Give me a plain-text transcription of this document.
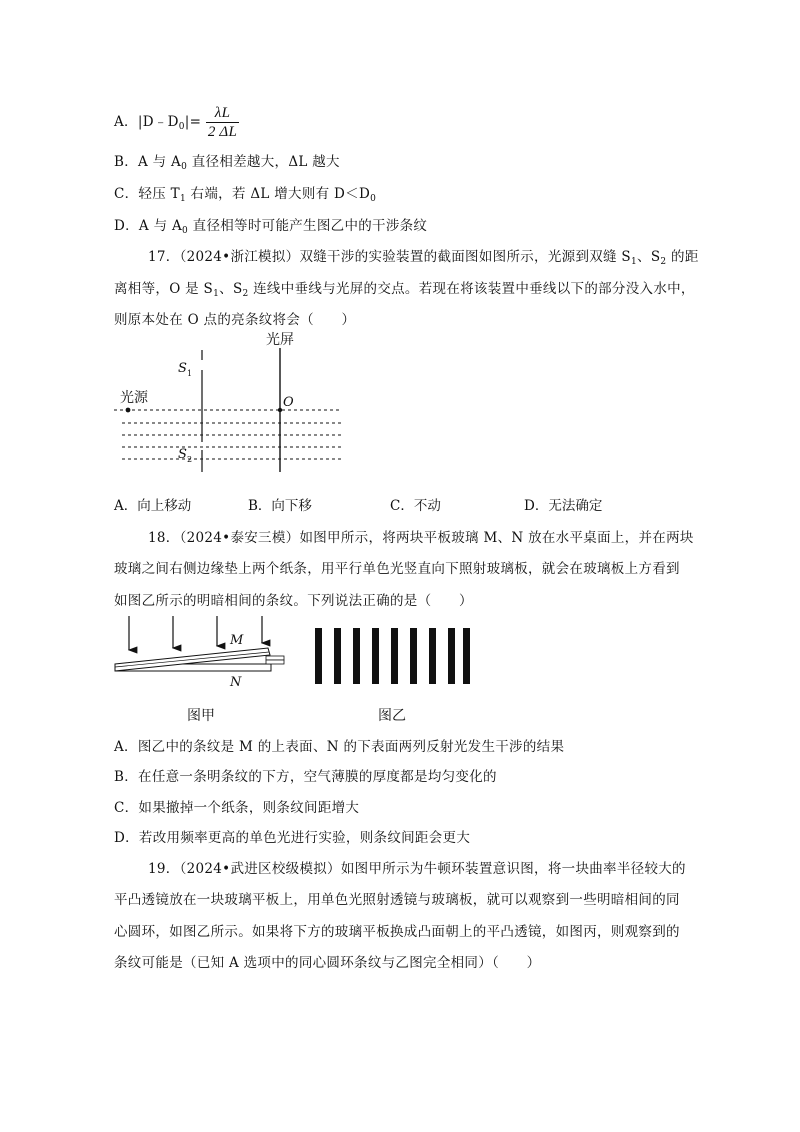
A．$|D﹣D_0|= \frac{\lambda L}{2 \Delta L}$
B．A 与 $A_0$ 直径相差越大，ΔL 越大
C．轻压 $T_1$ 右端，若 ΔL 增大则有 $D<D_0$
D．A 与 $A_0$ 直径相等时可能产生图乙中的干涉条纹
17．（2024•浙江模拟）双缝干涉的实验装置的截面图如图所示，光源到双缝 $S_1$、$S_2$ 的距
离相等，O 是 $S_1$、$S_2$ 连线中垂线与光屏的交点。若现在将该装置中垂线以下的部分没入水中，
则原本处在 O 点的亮条纹将会（　　）
光屏
光源
S 1
S 2
O
A．向上移动	B．向下移	C．不动	D．无法确定
18．（2024•泰安三模）如图甲所示，将两块平板玻璃 M、N 放在水平桌面上，并在两块
玻璃之间右侧边缘垫上两个纸条，用平行单色光竖直向下照射玻璃板，就会在玻璃板上方看到
如图乙所示的明暗相间的条纹。下列说法正确的是（　　）
M
N
图甲	图乙
A．图乙中的条纹是 M 的上表面、N 的下表面两列反射光发生干涉的结果
B．在任意一条明条纹的下方，空气薄膜的厚度都是均匀变化的
C．如果撤掉一个纸条，则条纹间距增大
D．若改用频率更高的单色光进行实验，则条纹间距会更大
19．（2024•武进区校级模拟）如图甲所示为牛顿环装置意识图，将一块曲率半径较大的
平凸透镜放在一块玻璃平板上，用单色光照射透镜与玻璃板，就可以观察到一些明暗相间的同
心圆环，如图乙所示。如果将下方的玻璃平板换成凸面朝上的平凸透镜，如图丙，则观察到的
条纹可能是（已知 A 选项中的同心圆环条纹与乙图完全相同）（　　）
